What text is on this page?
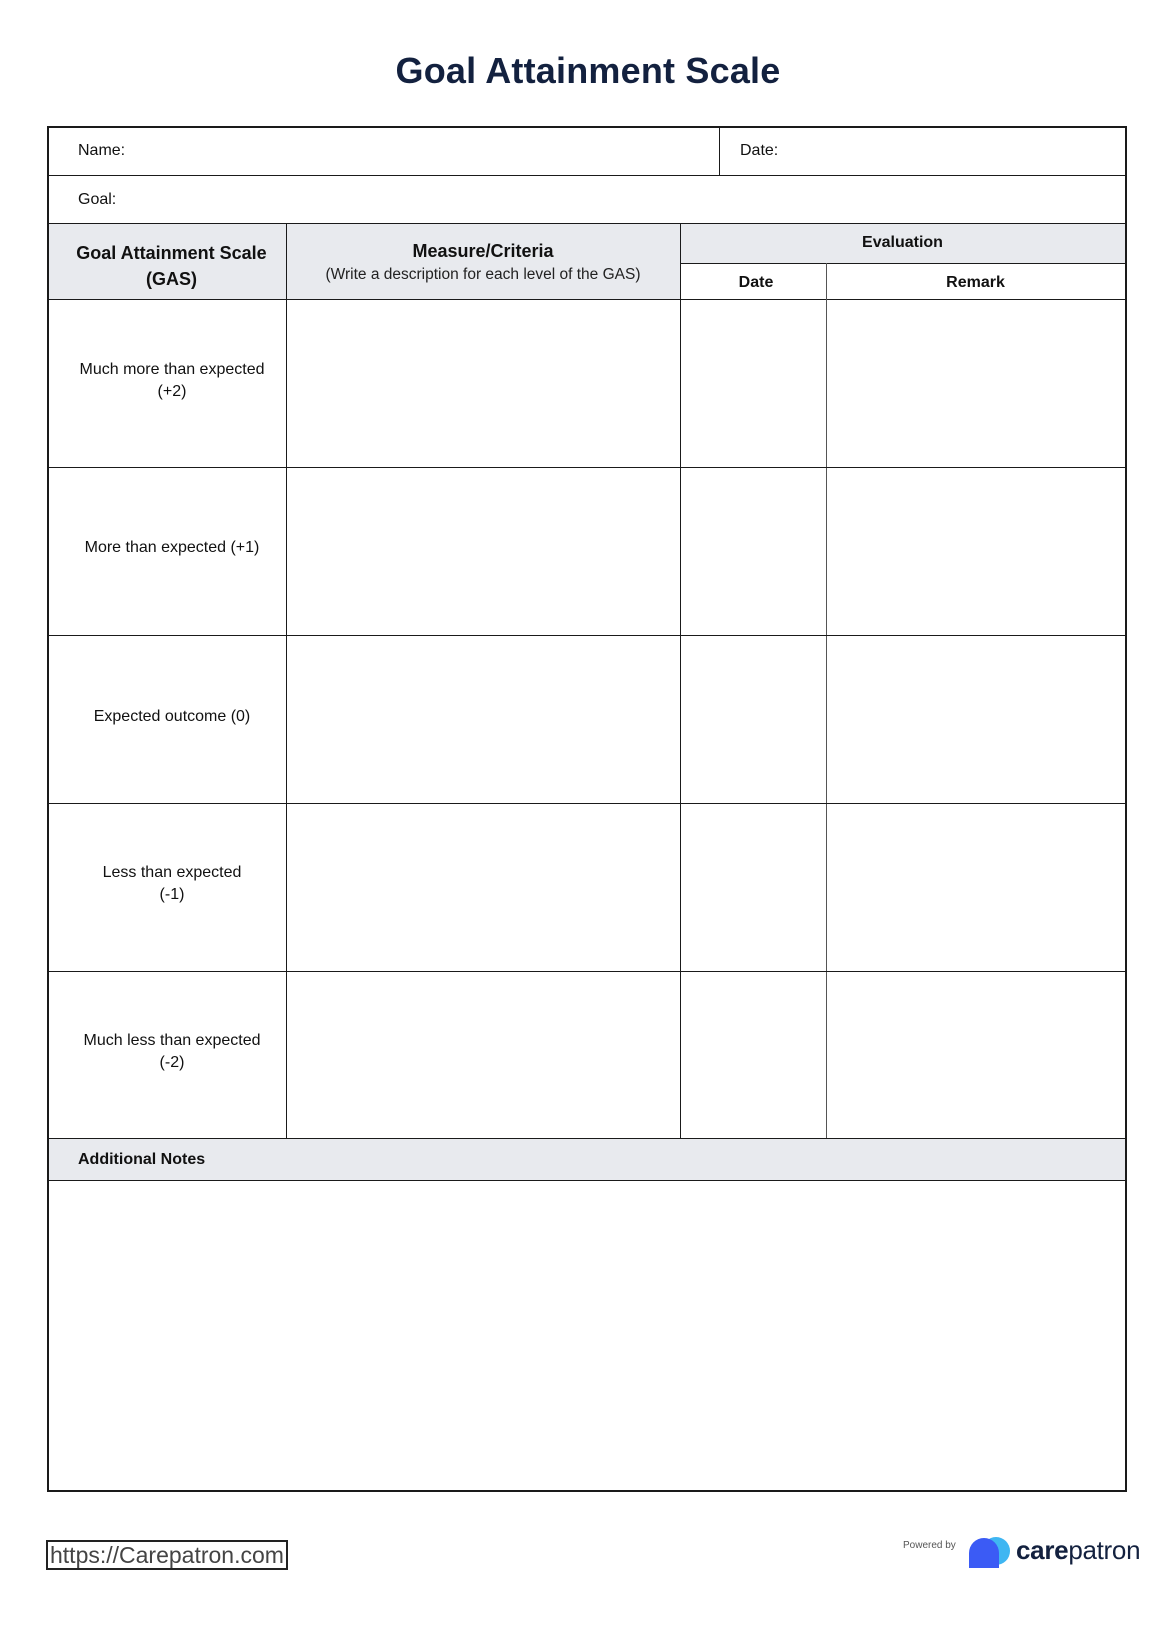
Goal Attainment Scale
Name:	Date:
Goal:
Goal Attainment Scale
(GAS)
Measure/Criteria
(Write a description for each level of the GAS)
Evaluation
Date	Remark
Much more than expected
(+2)
More than expected (+1)
Expected outcome (0)
Less than expected
(-1)
Much less than expected
(-2)
Additional Notes
https://Carepatron.com	Powered by carepatron
